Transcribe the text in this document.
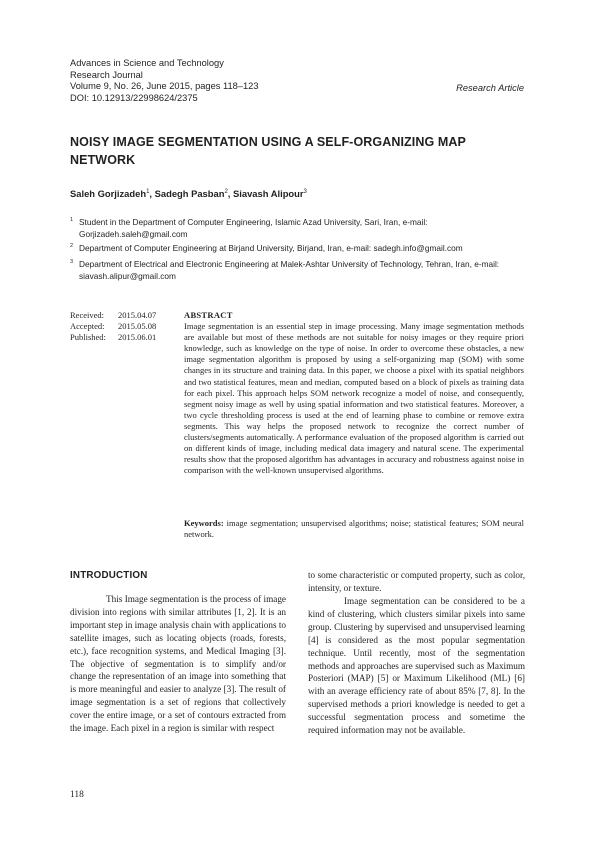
Advances in Science and Technology
Research Journal
Volume 9, No. 26, June 2015, pages 118–123
DOI: 10.12913/22998624/2375
Research Article
NOISY IMAGE SEGMENTATION USING A SELF-ORGANIZING MAP NETWORK
Saleh Gorjizadeh$^1$, Sadegh Pasban$^2$, Siavash Alipour$^3$
1 Student in the Department of Computer Engineering, Islamic Azad University, Sari, Iran, e-mail: Gorjizadeh.saleh@gmail.com
2 Department of Computer Engineering at Birjand University, Birjand, Iran, e-mail: sadegh.info@gmail.com
3 Department of Electrical and Electronic Engineering at Malek-Ashtar University of Technology, Tehran, Iran, e-mail: siavash.alipur@gmail.com
Received:	2015.04.07
Accepted:	2015.05.08
Published:	2015.06.01
ABSTRACT
Image segmentation is an essential step in image processing. Many image segmentation methods are available but most of these methods are not suitable for noisy images or they require priori knowledge, such as knowledge on the type of noise. In order to overcome these obstacles, a new image segmentation algorithm is proposed by using a self-organizing map (SOM) with some changes in its structure and training data. In this paper, we choose a pixel with its spatial neighbors and two statistical features, mean and median, computed based on a block of pixels as training data for each pixel. This approach helps SOM network recognize a model of noise, and consequently, segment noisy image as well by using spatial information and two statistical features. Moreover, a two cycle thresholding process is used at the end of learning phase to combine or remove extra segments. This way helps the proposed network to recognize the correct number of clusters/segments automatically. A performance evaluation of the proposed algorithm is carried out on different kinds of image, including medical data imagery and natural scene. The experimental results show that the proposed algorithm has advantages in accuracy and robustness against noise in comparison with the well-known unsupervised algorithms.
Keywords: image segmentation; unsupervised algorithms; noise; statistical features; SOM neural network.
INTRODUCTION
This Image segmentation is the process of image division into regions with similar attributes [1, 2]. It is an important step in image analysis chain with applications to satellite images, such as locating objects (roads, forests, etc.), face recognition systems, and Medical Imaging [3]. The objective of segmentation is to simplify and/or change the representation of an image into something that is more meaningful and easier to analyze [3]. The result of image segmentation is a set of regions that collectively cover the entire image, or a set of contours extracted from the image. Each pixel in a region is similar with respect
to some characteristic or computed property, such as color, intensity, or texture.
Image segmentation can be considered to be a kind of clustering, which clusters similar pixels into same group. Clustering by supervised and unsupervised learning [4] is considered as the most popular segmentation technique. Until recently, most of the segmentation methods and approaches are supervised such as Maximum Posteriori (MAP) [5] or Maximum Likelihood (ML) [6] with an average efficiency rate of about 85% [7, 8]. In the supervised methods a priori knowledge is needed to get a successful segmentation process and sometime the required information may not be available.
118
